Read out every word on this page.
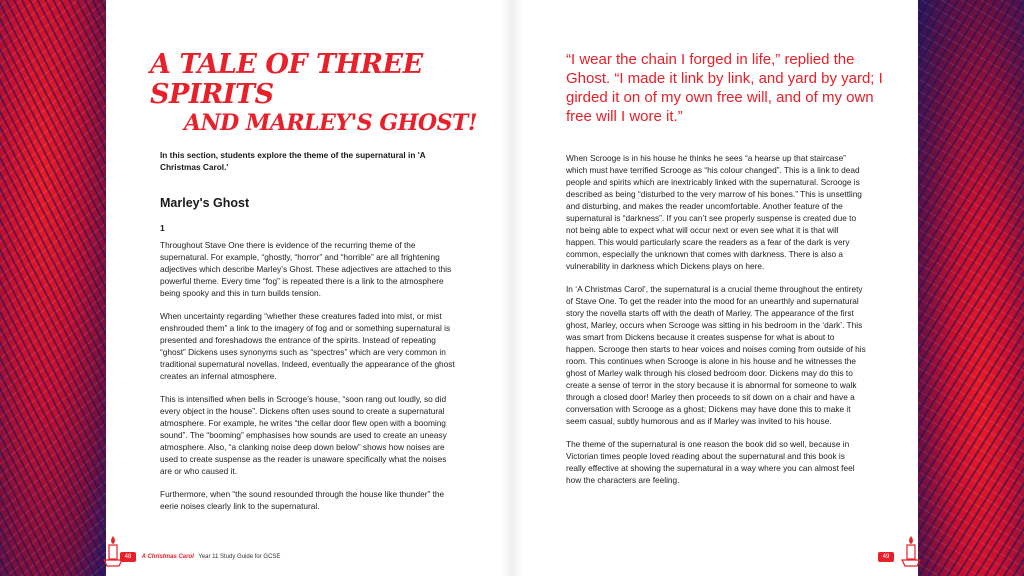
A TALE OF THREE SPIRITS
AND MARLEY'S GHOST!
In this section, students explore the theme of the supernatural in 'A Christmas Carol.'
Marley's Ghost
1

Throughout Stave One there is evidence of the recurring theme of the supernatural. For example, “ghostly, “horror” and “horrible” are all frightening adjectives which describe Marley’s Ghost. These adjectives are attached to this powerful theme. Every time “fog” is repeated there is a link to the atmosphere being spooky and this in turn builds tension.

When uncertainty regarding “whether these creatures faded into mist, or mist enshrouded them” a link to the imagery of fog and or something supernatural is presented and foreshadows the entrance of the spirits. Instead of repeating “ghost” Dickens uses synonyms such as “spectres” which are very common in traditional supernatural novellas. Indeed, eventually the appearance of the ghost creates an infernal atmosphere.

This is intensified when bells in Scrooge’s house, “soon rang out loudly, so did every object in the house”. Dickens often uses sound to create a supernatural atmosphere. For example, he writes “the cellar door flew open with a booming sound”. The “booming” emphasises how sounds are used to create an uneasy atmosphere. Also, “a clanking noise deep down below” shows how noises are used to create suspense as the reader is unaware specifically what the noises are or who caused it.

Furthermore, when “the sound resounded through the house like thunder” the eerie noises clearly link to the supernatural.

48 A Christmas Carol Year 11 Study Guide for GCSE
“I wear the chain I forged in life,” replied the Ghost. “I made it link by link, and yard by yard; I girded it on of my own free will, and of my own free will I wore it.”

When Scrooge is in his house he thinks he sees “a hearse up that staircase” which must have terrified Scrooge as “his colour changed”. This is a link to dead people and spirits which are inextricably linked with the supernatural. Scrooge is described as being “disturbed to the very marrow of his bones.” This is unsettling and disturbing, and makes the reader uncomfortable. Another feature of the supernatural is “darkness”. If you can’t see properly suspense is created due to not being able to expect what will occur next or even see what it is that will happen. This would particularly scare the readers as a fear of the dark is very common, especially the unknown that comes with darkness. There is also a vulnerability in darkness which Dickens plays on here.

In ‘A Christmas Carol’, the supernatural is a crucial theme throughout the entirety of Stave One. To get the reader into the mood for an unearthly and supernatural story the novella starts off with the death of Marley. The appearance of the first ghost, Marley, occurs when Scrooge was sitting in his bedroom in the ‘dark’. This was smart from Dickens because it creates suspense for what is about to happen. Scrooge then starts to hear voices and noises coming from outside of his room. This continues when Scrooge is alone in his house and he witnesses the ghost of Marley walk through his closed bedroom door. Dickens may do this to create a sense of terror in the story because it is abnormal for someone to walk through a closed door! Marley then proceeds to sit down on a chair and have a conversation with Scrooge as a ghost; Dickens may have done this to make it seem casual, subtly humorous and as if Marley was invited to his house.

The theme of the supernatural is one reason the book did so well, because in Victorian times people loved reading about the supernatural and this book is really effective at showing the supernatural in a way where you can almost feel how the characters are feeling.

49
